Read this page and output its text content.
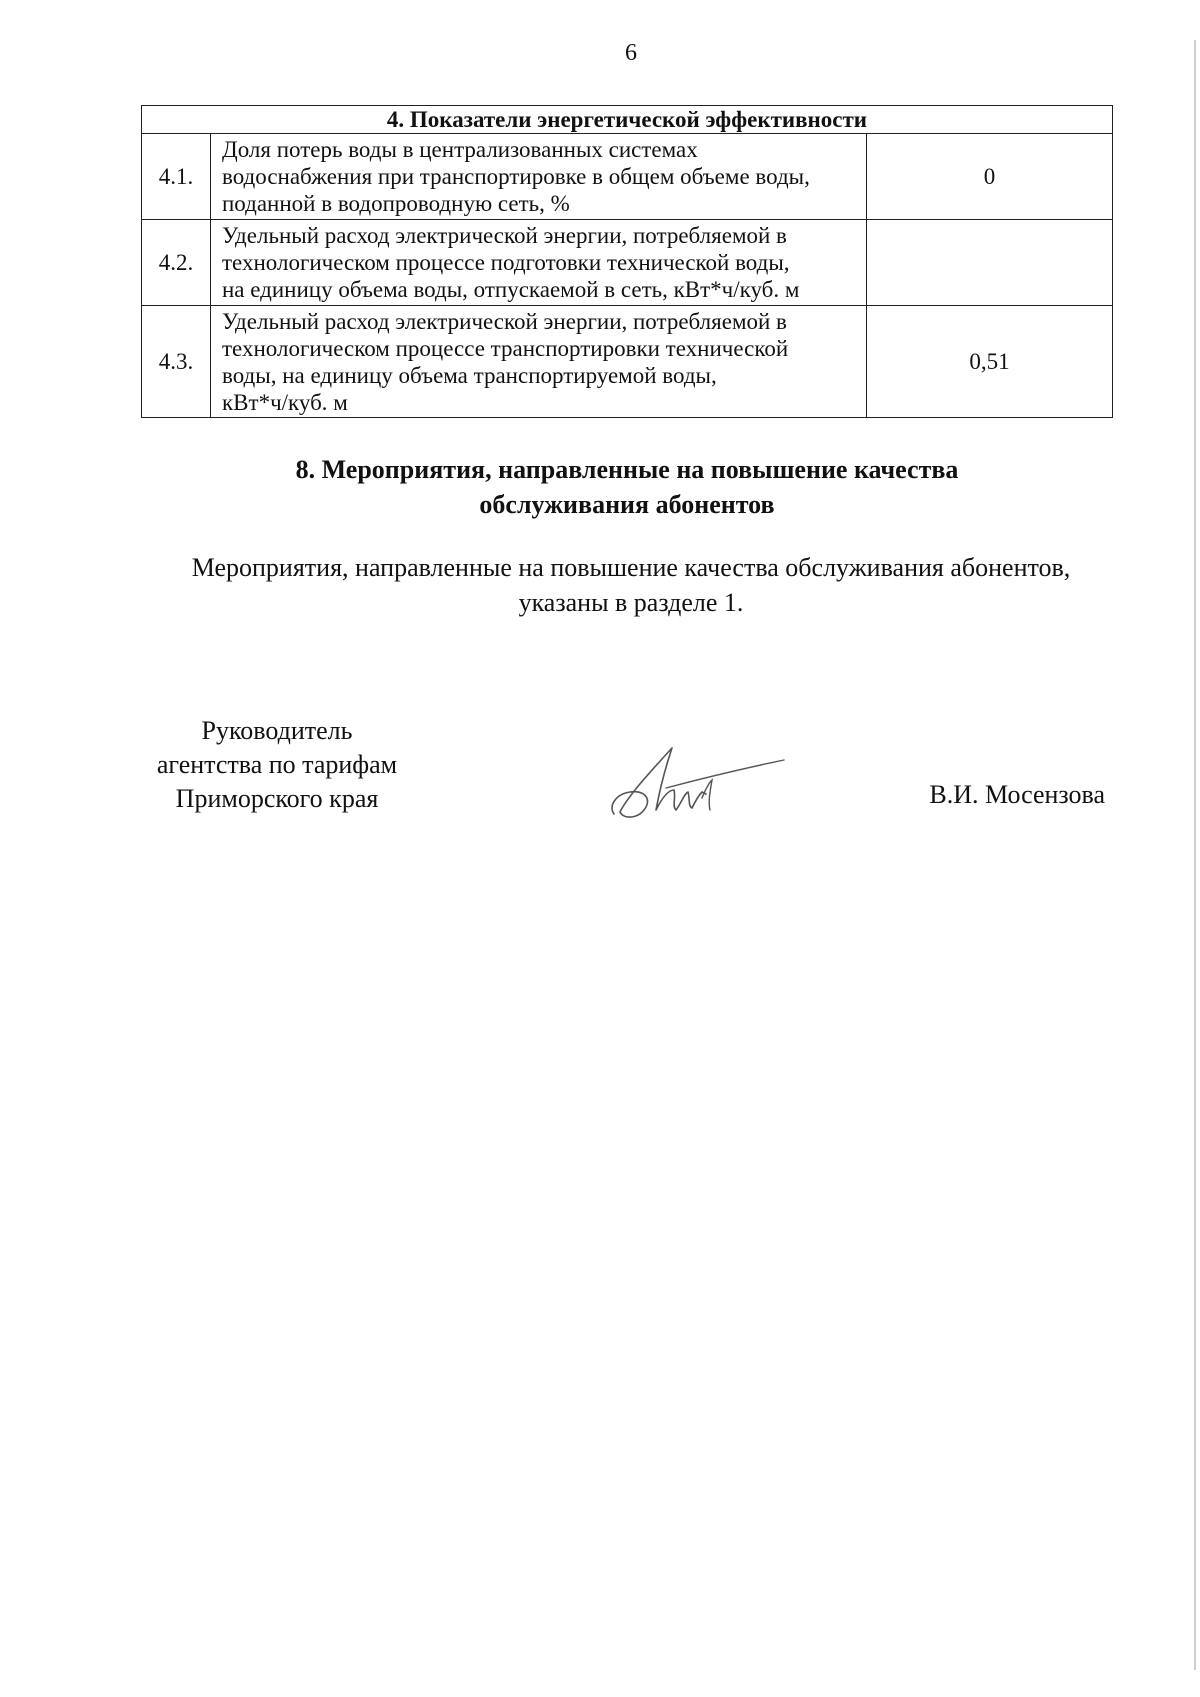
6
4. Показатели энергетической эффективности		
4.1.	Доля потерь воды в централизованных системах
водоснабжения при транспортировке в общем объеме воды,
поданной в водопроводную сеть, %	0
4.2.	Удельный расход электрической энергии, потребляемой в
технологическом процессе подготовки технической воды,
на единицу объема воды, отпускаемой в сеть, кВт*ч/куб. м	

4.3.	Удельный расход электрической энергии, потребляемой в
технологическом процессе транспортировки технической
воды, на единицу объема транспортируемой воды,
кВт*ч/куб. м	0,51
8. Мероприятия, направленные на повышение качества
обслуживания абонентов
Мероприятия, направленные на повышение качества обслуживания абонентов,
указаны в разделе 1.
Руководитель
агентства по тарифам
Приморского края	В.И. Мосензова
